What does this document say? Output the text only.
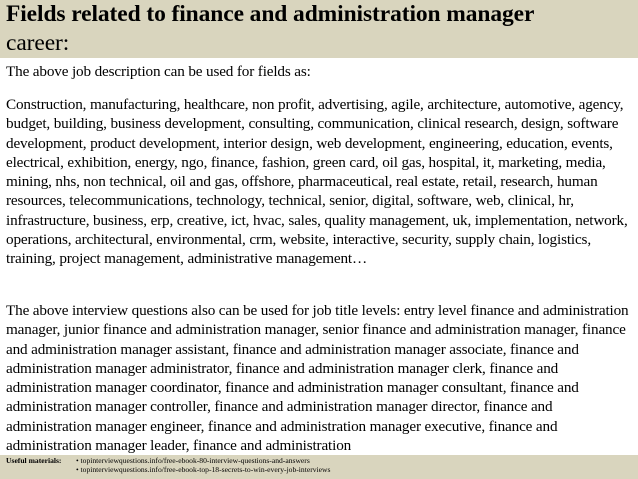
Fields related to finance and administration manager
career:

The above job description can be used for fields as:

Construction, manufacturing, healthcare, non profit, advertising, agile, architecture, automotive, agency, budget, building, business development, consulting, communication, clinical research, design, software development, product development, interior design, web development, engineering, education, events, electrical, exhibition, energy, ngo, finance, fashion, green card, oil gas, hospital, it, marketing, media, mining, nhs, non technical, oil and gas, offshore, pharmaceutical, real estate, retail, research, human resources, telecommunications, technology, technical, senior, digital, software, web, clinical, hr, infrastructure, business, erp, creative, ict, hvac, sales, quality management, uk, implementation, network, operations, architectural, environmental, crm, website, interactive, security, supply chain, logistics, training, project management, administrative management…

The above interview questions also can be used for job title levels: entry level finance and administration manager, junior finance and administration manager, senior finance and administration manager, finance and administration manager assistant, finance and administration manager associate, finance and administration manager administrator, finance and administration manager clerk, finance and administration manager coordinator, finance and administration manager consultant, finance and administration manager controller, finance and administration manager director, finance and administration manager engineer, finance and administration manager executive, finance and administration manager leader, finance and administration

Useful materials: • topinterviewquestions.info/free-ebook-80-interview-questions-and-answers
• topinterviewquestions.info/free-ebook-top-18-secrets-to-win-every-job-interviews
